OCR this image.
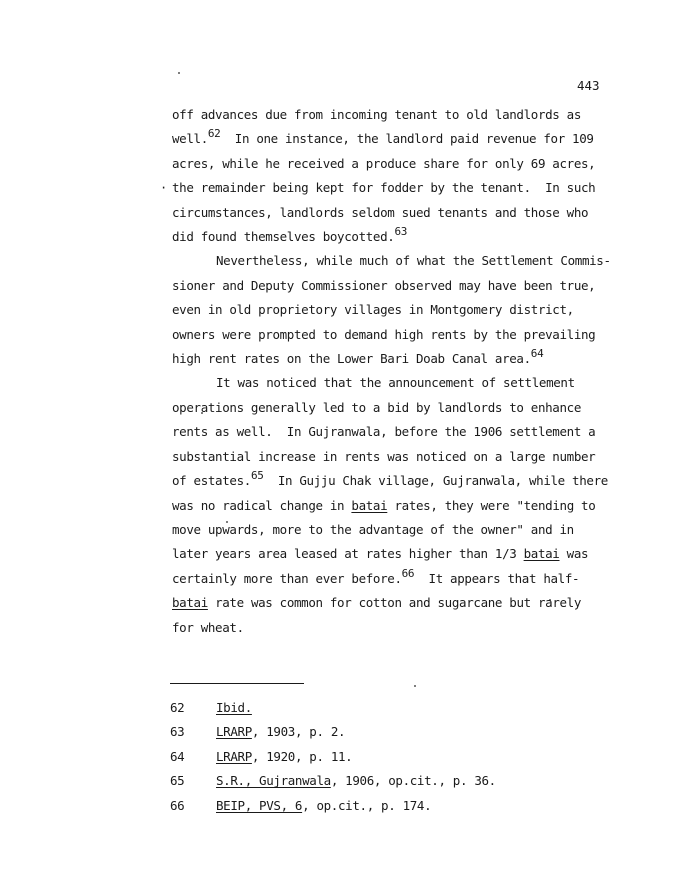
443
·
off advances due from incoming tenant to old landlords as
well.$^{62}$  In one instance, the landlord paid revenue for 109
acres, while he received a produce share for only 69 acres,
the remainder being kept for fodder by the tenant.  In such
circumstances, landlords seldom sued tenants and those who
did found themselves boycotted.$^{63}$
Nevertheless, while much of what the Settlement Commis-
sioner and Deputy Commissioner observed may have been true,
even in old proprietory villages in Montgomery district,
owners were prompted to demand high rents by the prevailing
high rent rates on the Lower Bari Doab Canal area.$^{64}$
It was noticed that the announcement of settlement
operations generally led to a bid by landlords to enhance
rents as well.  In Gujranwala, before the 1906 settlement a
substantial increase in rents was noticed on a large number
of estates.$^{65}$  In Gujju Chak village, Gujranwala, while there
was no radical change in batai rates, they were "tending to
move upwards, more to the advantage of the owner" and in
later years area leased at rates higher than 1/3 batai was
certainly more than ever before.$^{66}$  It appears that half-
batai rate was common for cotton and sugarcane but rarely
for wheat.
62	Ibid.
63	LRARP , 1903, p. 2.
64	LRARP , 1920, p. 11.
65	S.R., Gujranwala , 1906, op.cit., p. 36.
66	BEIP, PVS, 6 , op.cit., p. 174.
